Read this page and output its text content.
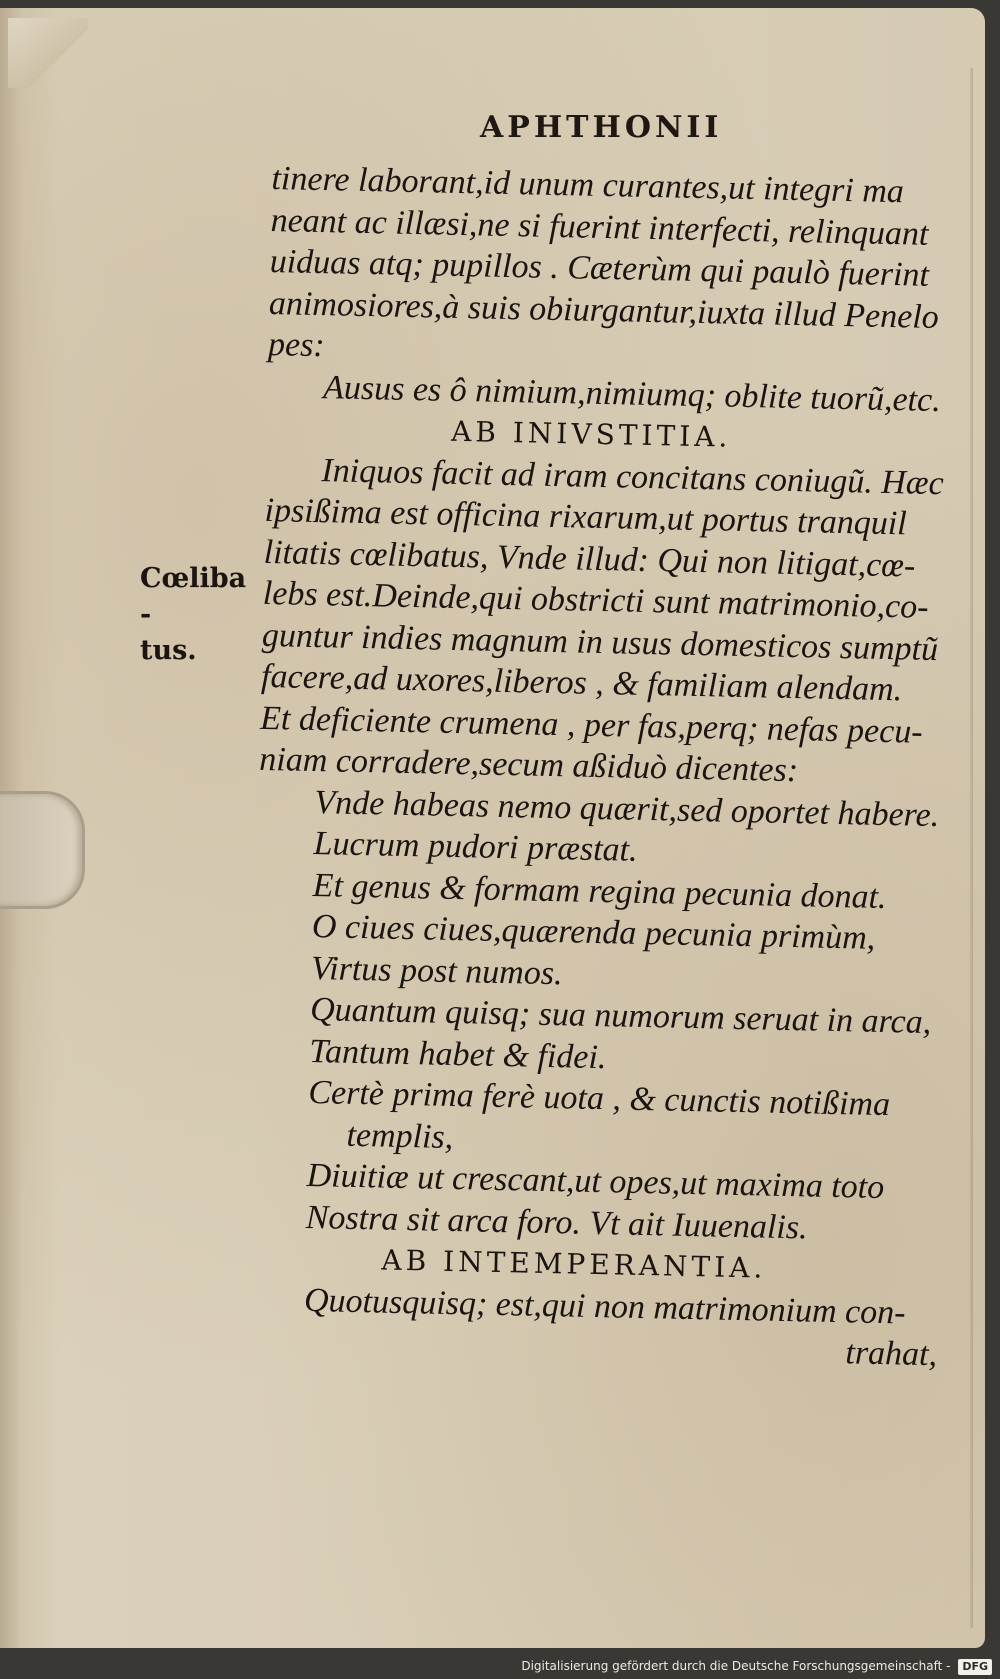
APHTHONII
Cœliba -
tus.
tinere laborant,id unum curantes,ut integri ma
neant ac illæsi,ne si fuerint interfecti, relinquant
uiduas atq; pupillos . Cæterùm qui paulò fuerint
animosiores,à suis obiurgantur,iuxta illud Penelo
pes:
Ausus es ô nimium,nimiumq; oblite tuorũ,etc.
AB INIVSTITIA.
Iniquos facit ad iram concitans coniugũ. Hæc
ipsißima est officina rixarum,ut portus tranquil
litatis cœlibatus, Vnde illud: Qui non litigat,cœ-
lebs est.Deinde,qui obstricti sunt matrimonio,co-
guntur indies magnum in usus domesticos sumptũ
facere,ad uxores,liberos , & familiam alendam.
Et deficiente crumena , per fas,perq; nefas pecu-
niam corradere,secum aßiduò dicentes:
Vnde habeas nemo quærit,sed oportet habere.
Lucrum pudori præstat.
Et genus & formam regina pecunia donat.
O ciues ciues,quærenda pecunia primùm,
Virtus post numos.
Quantum quisq; sua numorum seruat in arca,
Tantum habet & fidei.
Certè prima ferè uota , & cunctis notißima
templis,
Diuitiæ ut crescant,ut opes,ut maxima toto
Nostra sit arca foro. Vt ait Iuuenalis.
AB INTEMPERANTIA.
Quotusquisq; est,qui non matrimonium con-
trahat,
Digitalisierung gefördert durch die Deutsche Forschungsgemeinschaft - DFG
